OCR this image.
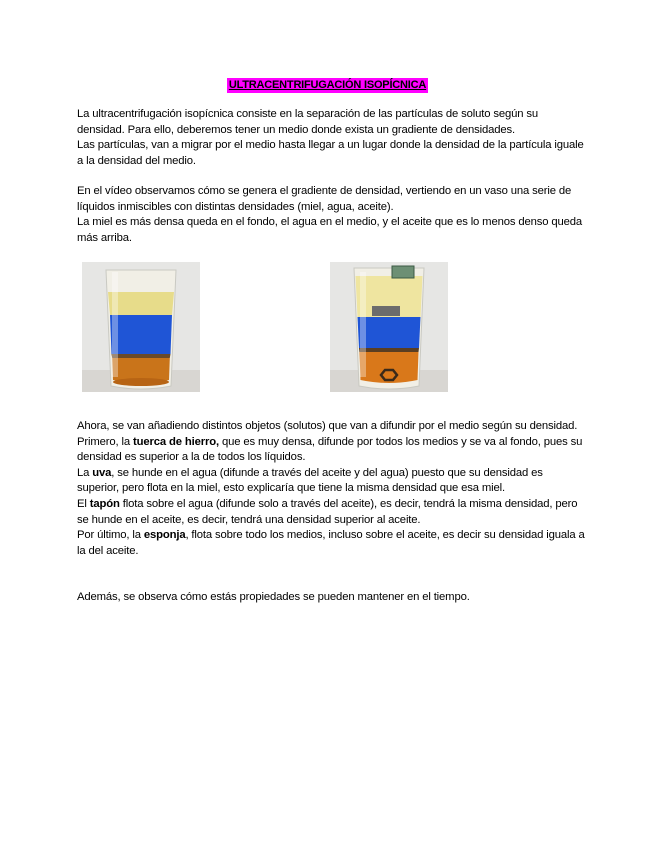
ULTRACENTRIFUGACIÓN ISOPÍCNICA

La ultracentrifugación isopícnica consiste en la separación de las partículas de soluto según su densidad. Para ello, deberemos tener un medio donde exista un gradiente de densidades.

Las partículas, van a migrar por el medio hasta llegar a un lugar donde la densidad de la partícula iguale a la densidad del medio.

En el vídeo observamos cómo se genera el gradiente de densidad, vertiendo en un vaso una serie de líquidos inmiscibles con distintas densidades (miel, agua, aceite).

La miel es más densa queda en el fondo, el agua en el medio, y el aceite que es lo menos denso queda más arriba.

Ahora, se van añadiendo distintos objetos (solutos) que van a difundir por el medio según su densidad.

Primero, la tuerca de hierro, que es muy densa, difunde por todos los medios y se va al fondo, pues su densidad es superior a la de todos los líquidos.

La uva, se hunde en el agua (difunde a través del aceite y del agua) puesto que su densidad es superior, pero flota en la miel, esto explicaría que tiene la misma densidad que esa miel.

El tapón flota sobre el agua (difunde solo a través del aceite), es decir, tendrá la misma densidad, pero se hunde en el aceite, es decir, tendrá una densidad superior al aceite.

Por último, la esponja, flota sobre todo los medios, incluso sobre el aceite, es decir su densidad iguala a la del aceite.

Además, se observa cómo estás propiedades se pueden mantener en el tiempo.
